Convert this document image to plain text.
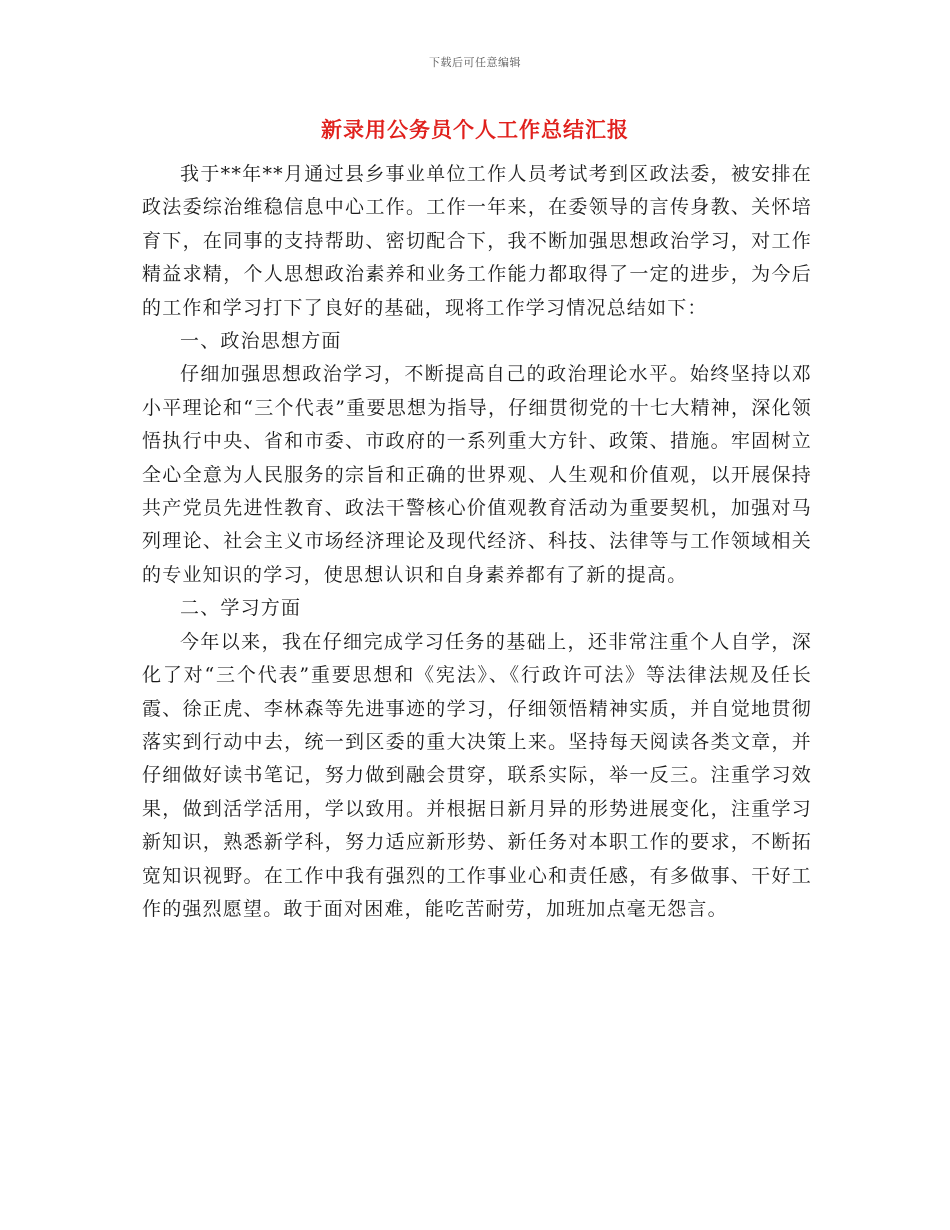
下载后可任意编辑
新录用公务员个人工作总结汇报

我于**年**月通过县乡事业单位工作人员考试考到区政法委，被安排在政法委综治维稳信息中心工作。工作一年来，在委领导的言传身教、关怀培育下，在同事的支持帮助、密切配合下，我不断加强思想政治学习，对工作精益求精，个人思想政治素养和业务工作能力都取得了一定的进步，为今后的工作和学习打下了良好的基础，现将工作学习情况总结如下：

一、政治思想方面

仔细加强思想政治学习，不断提高自己的政治理论水平。始终坚持以邓小平理论和“三个代表”重要思想为指导，仔细贯彻党的十七大精神，深化领悟执行中央、省和市委、市政府的一系列重大方针、政策、措施。牢固树立全心全意为人民服务的宗旨和正确的世界观、人生观和价值观，以开展保持共产党员先进性教育、政法干警核心价值观教育活动为重要契机，加强对马列理论、社会主义市场经济理论及现代经济、科技、法律等与工作领域相关的专业知识的学习，使思想认识和自身素养都有了新的提高。

二、学习方面

今年以来，我在仔细完成学习任务的基础上，还非常注重个人自学，深化了对“三个代表”重要思想和《宪法》、《行政许可法》等法律法规及任长霞、徐正虎、李林森等先进事迹的学习，仔细领悟精神实质，并自觉地贯彻落实到行动中去，统一到区委的重大决策上来。坚持每天阅读各类文章，并仔细做好读书笔记，努力做到融会贯穿，联系实际，举一反三。注重学习效果，做到活学活用，学以致用。并根据日新月异的形势进展变化，注重学习新知识，熟悉新学科，努力适应新形势、新任务对本职工作的要求，不断拓宽知识视野。在工作中我有强烈的工作事业心和责任感，有多做事、干好工作的强烈愿望。敢于面对困难，能吃苦耐劳，加班加点毫无怨言。
